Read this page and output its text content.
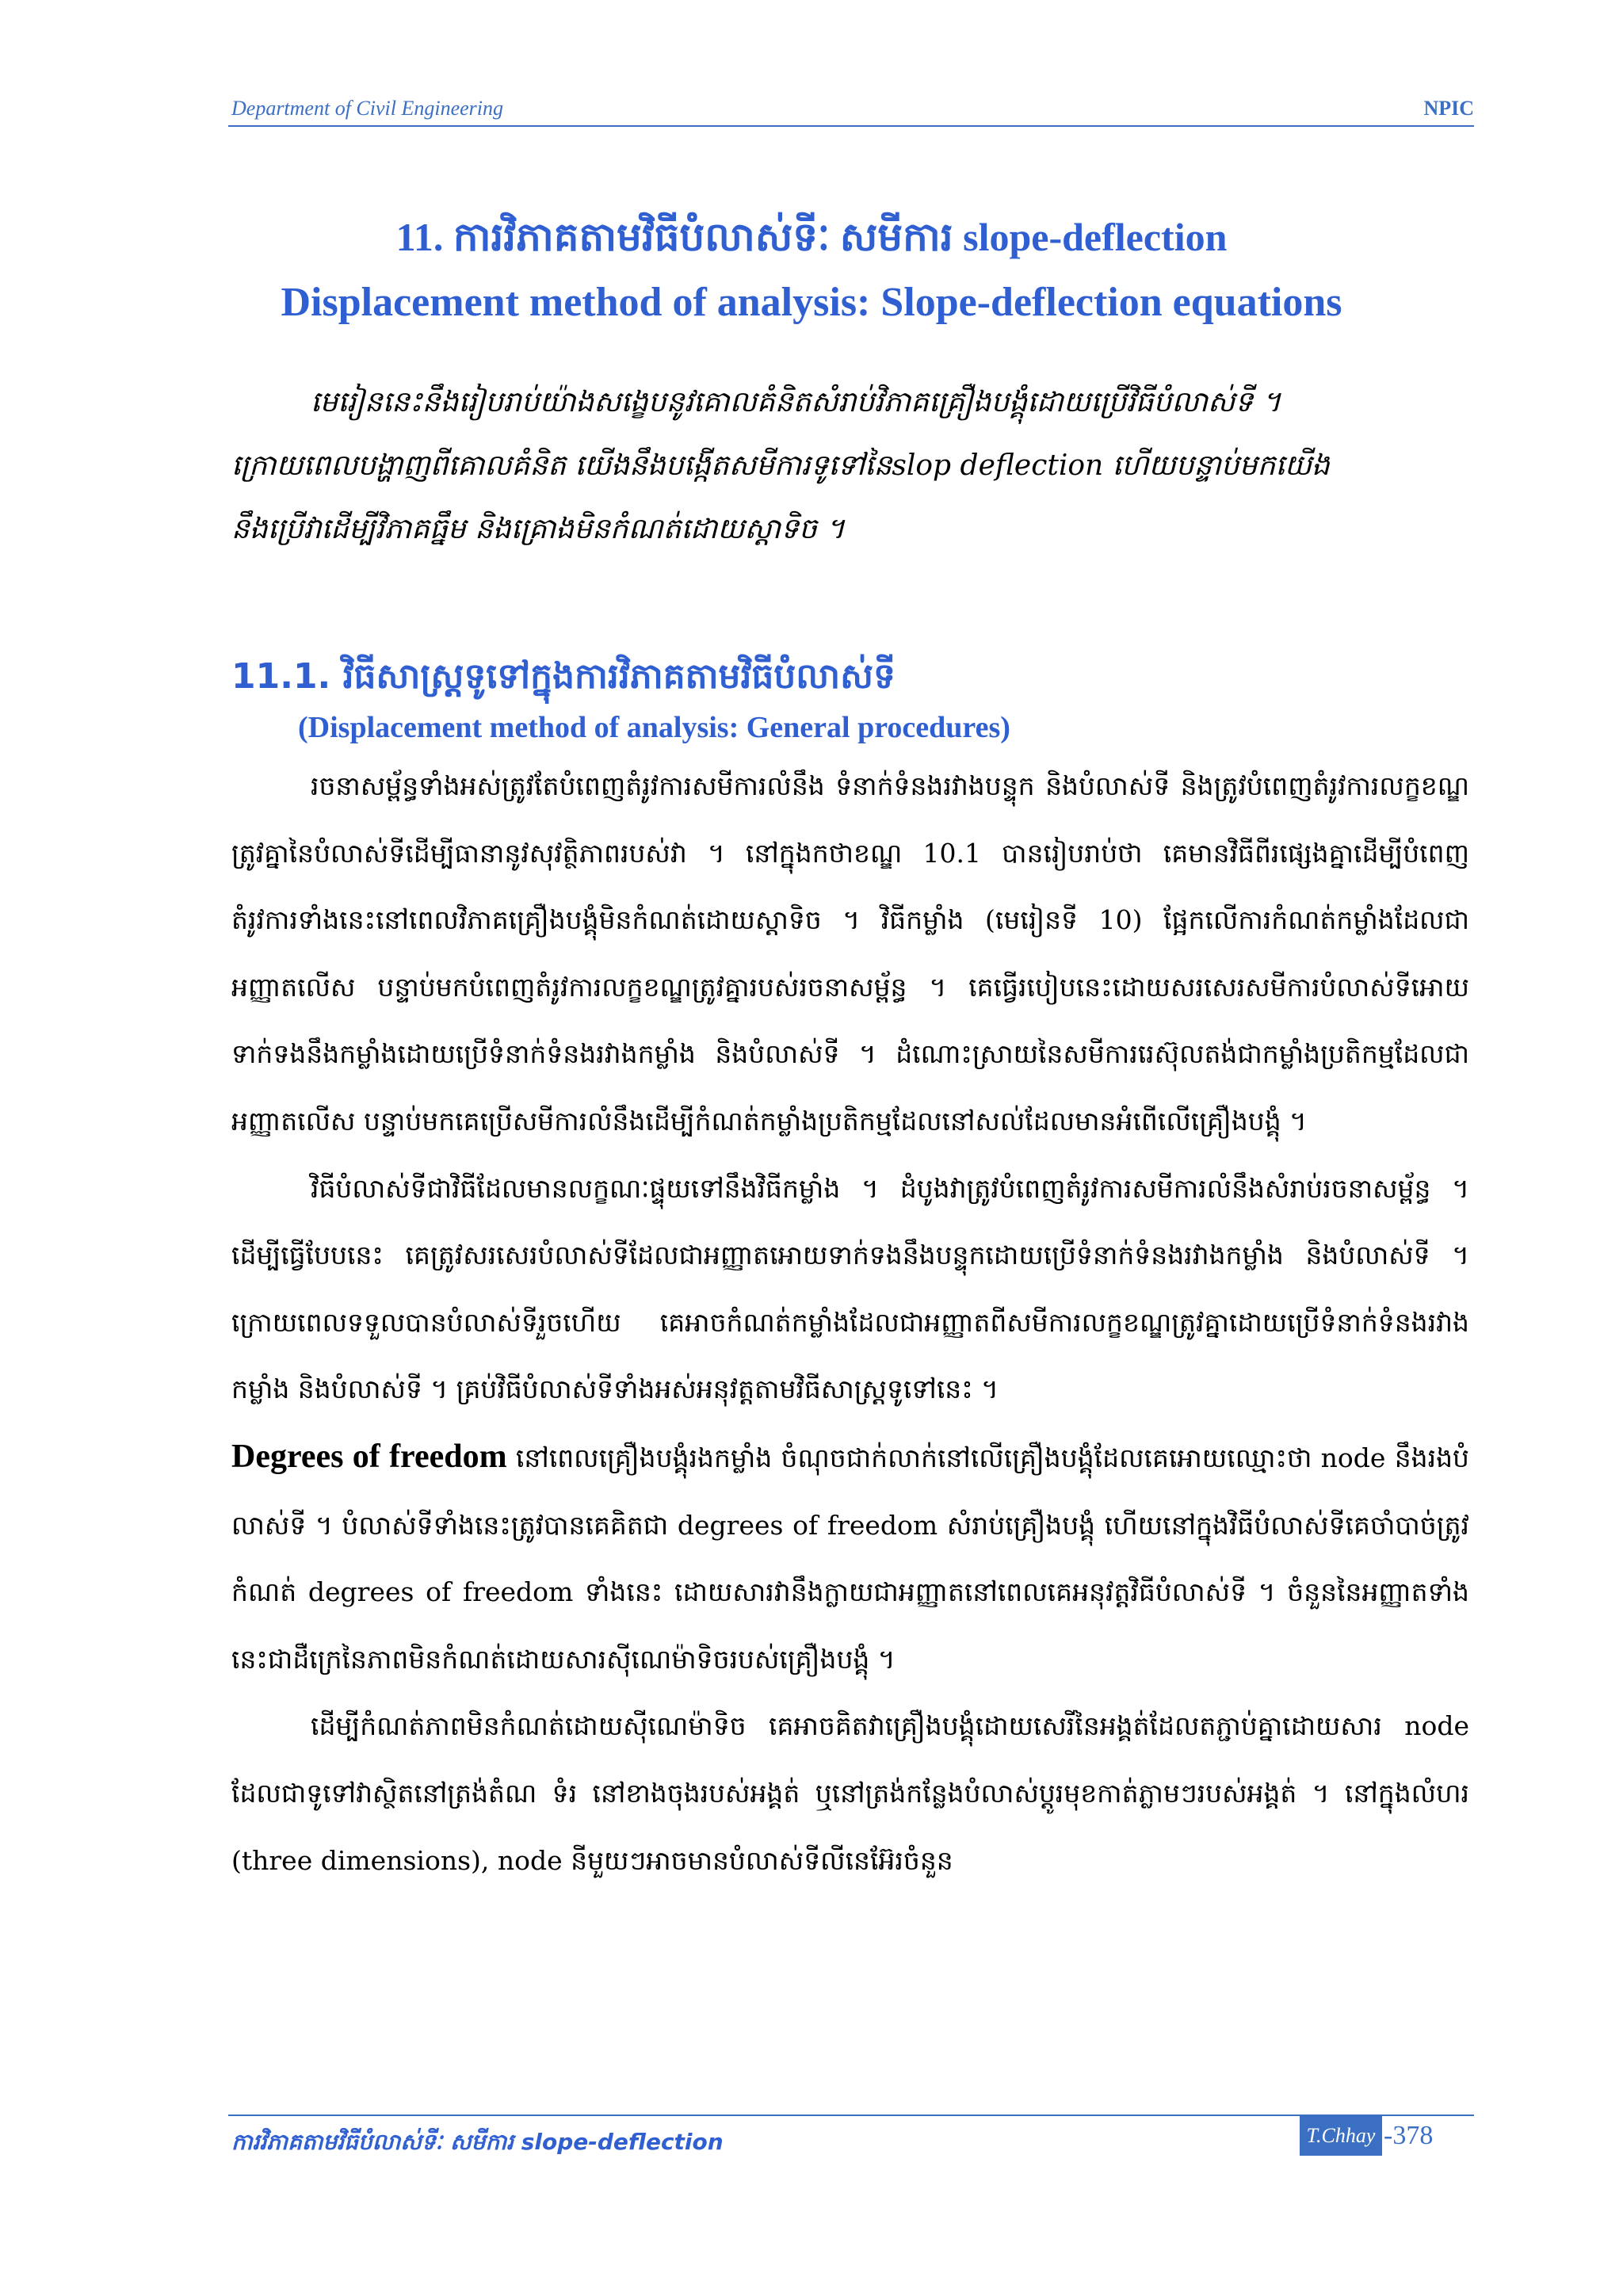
Department of Civil Engineering	NPIC
11. ការវិភាគតាមវិធីបំលាស់ទីៈ សមីការ slope-deflection
Displacement method of analysis: Slope-deflection equations

មេរៀននេះនឹងរៀបរាប់យ៉ាងសង្ខេបនូវគោលគំនិតសំរាប់វិភាគគ្រឿងបង្គុំដោយប្រើវិធីបំលាស់ទី ។

ក្រោយពេលបង្ហាញពីគោលគំនិត យើងនឹងបង្កើតសមីការទូទៅនៃslop deflection ហើយបន្ទាប់មកយើង

នឹងប្រើវាដើម្បីវិភាគធ្នឹម និងគ្រោងមិនកំណត់ដោយស្តាទិច ។

11.1. វិធីសាស្ត្រទូទៅក្នុងការវិភាគតាមវិធីបំលាស់ទី
(Displacement method of analysis: General procedures)

រចនាសម្ព័ន្ធទាំងអស់ត្រូវតែបំពេញតំរូវការសមីការលំនឹង ទំនាក់ទំនងរវាងបន្ទុក និងបំលាស់ទី និងត្រូវបំពេញតំរូវការលក្ខខណ្ឌត្រូវគ្នានៃបំលាស់ទីដើម្បីធានានូវសុវត្ថិភាពរបស់វា ។ នៅក្នុងកថាខណ្ឌ 10.1 បានរៀបរាប់ថា គេមានវិធីពីរផ្សេងគ្នាដើម្បីបំពេញតំរូវការទាំងនេះនៅពេលវិភាគគ្រឿងបង្គុំមិនកំណត់ដោយស្តាទិច ។ វិធីកម្លាំង (មេរៀនទី 10) ផ្អែកលើការកំណត់កម្លាំងដែលជាអញ្ញាតលើស បន្ទាប់មកបំពេញតំរូវការលក្ខខណ្ឌត្រូវគ្នារបស់រចនាសម្ព័ន្ធ ។ គេធ្វើរបៀបនេះដោយសរសេរសមីការបំលាស់ទីអោយទាក់ទងនឹងកម្លាំងដោយប្រើទំនាក់ទំនងរវាងកម្លាំង និងបំលាស់ទី ។ ដំណោះស្រាយនៃសមីការរេស៊ុលតង់ជាកម្លាំងប្រតិកម្មដែលជាអញ្ញាតលើស បន្ទាប់មកគេប្រើសមីការលំនឹងដើម្បីកំណត់កម្លាំងប្រតិកម្មដែលនៅសល់ដែលមានអំពើលើគ្រឿងបង្គុំ ។

វិធីបំលាស់ទីជាវិធីដែលមានលក្ខណៈផ្ទុយទៅនឹងវិធីកម្លាំង ។ ដំបូងវាត្រូវបំពេញតំរូវការសមីការលំនឹងសំរាប់រចនាសម្ព័ន្ធ ។ ដើម្បីធ្វើបែបនេះ គេត្រូវសរសេរបំលាស់ទីដែលជាអញ្ញាតអោយទាក់ទងនឹងបន្ទុកដោយប្រើទំនាក់ទំនងរវាងកម្លាំង និងបំលាស់ទី ។ ក្រោយពេលទទួលបានបំលាស់ទីរួចហើយ គេអាចកំណត់កម្លាំងដែលជាអញ្ញាតពីសមីការលក្ខខណ្ឌត្រូវគ្នាដោយប្រើទំនាក់ទំនងរវាងកម្លាំង និងបំលាស់ទី ។ គ្រប់វិធីបំលាស់ទីទាំងអស់អនុវត្តតាមវិធីសាស្ត្រទូទៅនេះ ។

Degrees of freedom នៅពេលគ្រឿងបង្គុំរងកម្លាំង ចំណុចជាក់លាក់នៅលើគ្រឿងបង្គុំដែលគេអោយឈ្មោះថា node នឹងរងបំលាស់ទី ។ បំលាស់ទីទាំងនេះត្រូវបានគេគិតជា degrees of freedom សំរាប់គ្រឿងបង្គុំ ហើយនៅក្នុងវិធីបំលាស់ទីគេចាំបាច់ត្រូវកំណត់ degrees of freedom ទាំងនេះ ដោយសារវានឹងក្លាយជាអញ្ញាតនៅពេលគេអនុវត្តវិធីបំលាស់ទី ។ ចំនួននៃអញ្ញាតទាំងនេះជាដឺក្រេនៃភាពមិនកំណត់ដោយសារស៊ីណេម៉ាទិចរបស់គ្រឿងបង្គុំ ។

ដើម្បីកំណត់ភាពមិនកំណត់ដោយស៊ីណេម៉ាទិច គេអាចគិតវាគ្រឿងបង្គុំដោយសេរីនៃអង្គត់ដែលតភ្ជាប់គ្នាដោយសារ node ដែលជាទូទៅវាស្ថិតនៅត្រង់តំណ ទំរ នៅខាងចុងរបស់អង្គត់ ឬនៅត្រង់កន្លែងបំលាស់ប្តូរមុខកាត់ភ្លាមៗរបស់អង្គត់ ។ នៅក្នុងលំហរ (three dimensions), node នីមួយៗអាចមានបំលាស់ទីលីនេអ៊ែរចំនួន

ការវិភាគតាមវិធីបំលាស់ទីៈ សមីការ slope-deflection	T.Chhay -378
